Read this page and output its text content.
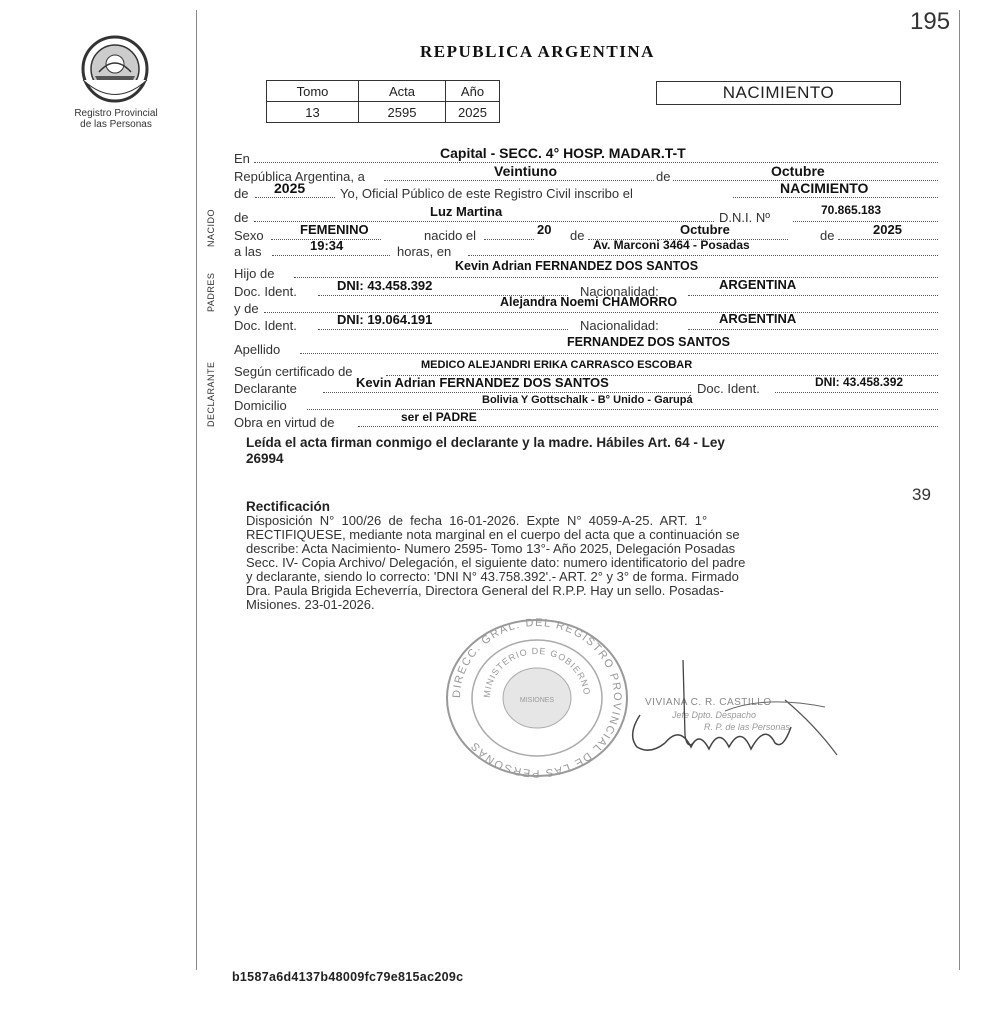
195
Registro Provincial
de las Personas
REPUBLICA ARGENTINA
Tomo	Acta	Año
13	2595	2025
NACIMIENTO
NACIDO
PADRES
DECLARANTE
En	Capital - SECC. 4° HOSP. MADAR.T-T
República Argentina, a	Veintiuno	de	Octubre
de 2025	Yo, Oficial Público de este Registro Civil inscribo el	NACIMIENTO
de	Luz Martina	D.N.I. Nº	70.865.183
Sexo	FEMENINO	nacido el	20 de	Octubre	de	2025
a las	19:34	horas, en	Av. Marconi 3464 - Posadas
Hijo de	Kevin Adrian FERNANDEZ DOS SANTOS
Doc. Ident.	DNI: 43.458.392	Nacionalidad:	ARGENTINA
y de	Alejandra Noemi CHAMORRO
Doc. Ident.	DNI: 19.064.191	Nacionalidad:	ARGENTINA
Apellido	FERNANDEZ DOS SANTOS
Según certificado de	MEDICO ALEJANDRI ERIKA CARRASCO ESCOBAR
Declarante	Kevin Adrian FERNANDEZ DOS SANTOS	Doc. Ident.	DNI: 43.458.392
Domicilio	Bolivia Y Gottschalk - B° Unido - Garupá
Obra en virtud de	ser el PADRE
Leída el acta firman conmigo el declarante y la madre. Hábiles Art. 64 - Ley
26994
39
Rectificación
Disposición  N°  100/26  de  fecha  16-01-2026.  Expte  N°  4059-A-25.  ART.  1°
RECTIFIQUESE, mediante nota marginal en el cuerpo del acta que a continuación se
describe: Acta Nacimiento- Numero 2595- Tomo 13°- Año 2025, Delegación Posadas
Secc. IV- Copia Archivo/ Delegación, el siguiente dato: numero identificatorio del padre
y declarante, siendo lo correcto: 'DNI N° 43.758.392'.- ART. 2° y 3° de forma. Firmado
Dra. Paula Brigida Echeverría, Directora General del R.P.P. Hay un sello. Posadas-
Misiones. 23-01-2026.
DIRECC. GRAL. DEL REGISTRO PROVINCIAL DE LAS PERSONAS
MINISTERIO DE GOBIERNO
MISIONES	VIVIANA C. R. CASTILLO
Jefe Dpto. Despacho
R. P. de las Personas
b1587a6d4137b48009fc79e815ac209c
